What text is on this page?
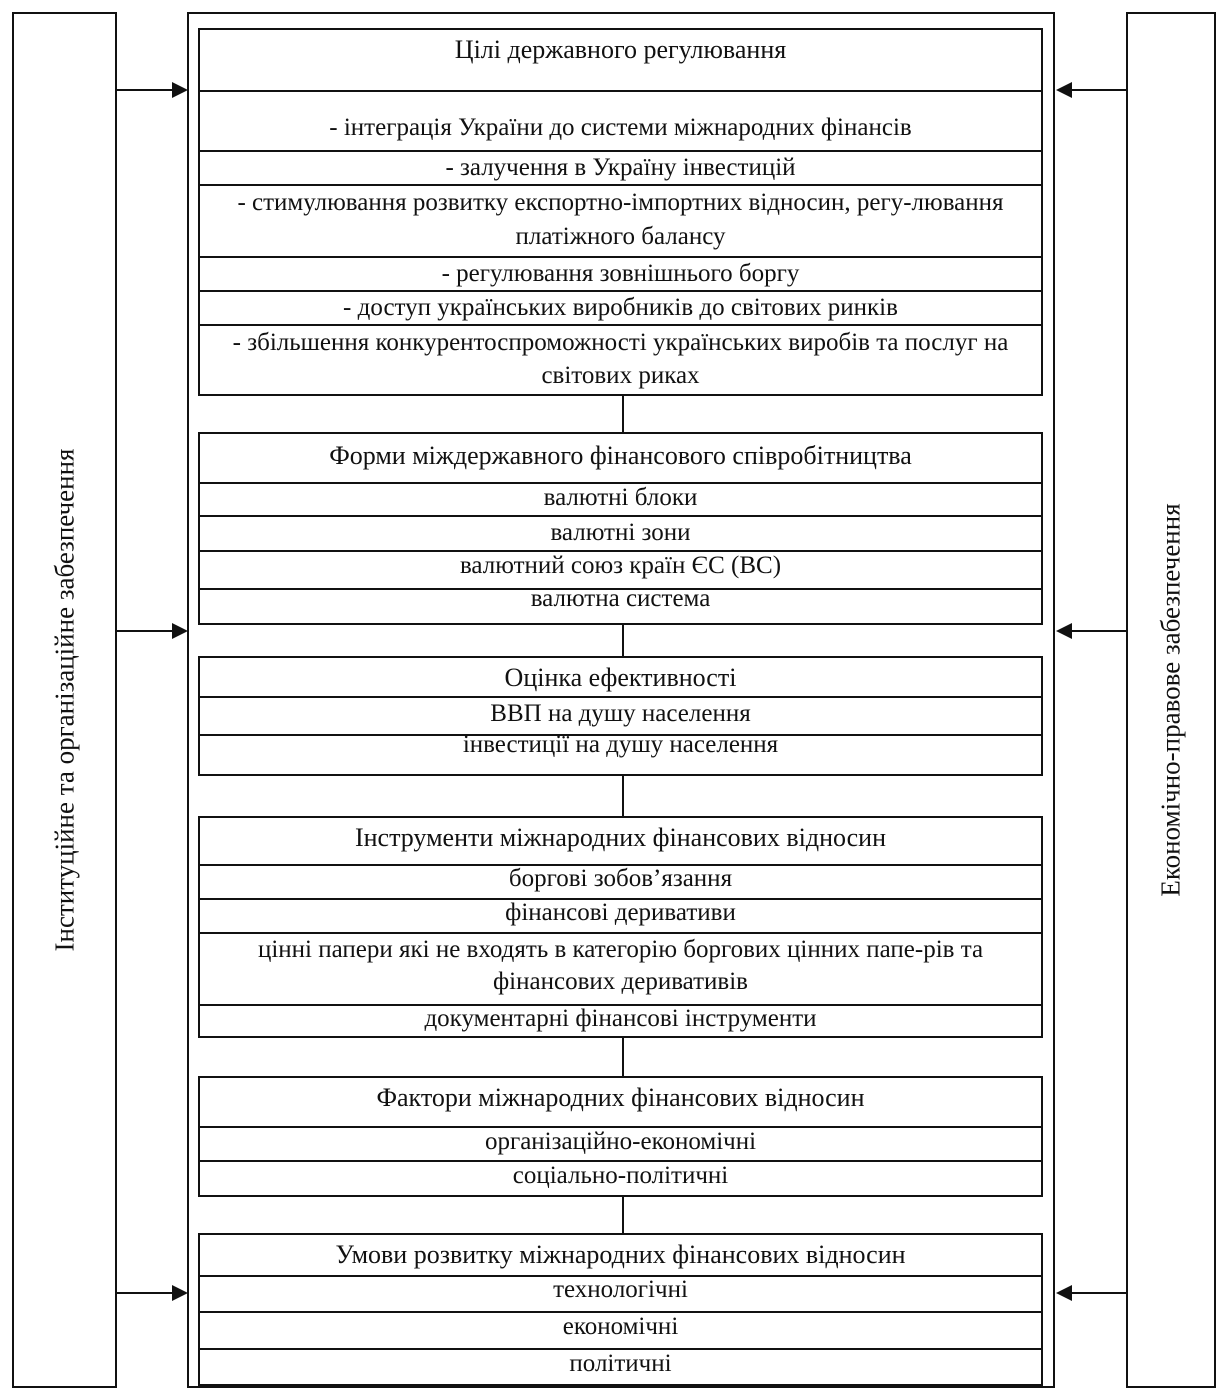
Інституційне та організаційне забезпечення	Економічно-правове забезпечення
Цілі державного регулювання
- інтеграція України до системи міжнародних фінансів
- залучення в Україну інвестицій
- стимулювання розвитку експортно-імпортних відносин, регу-лювання платіжного балансу
- регулювання зовнішнього боргу
- доступ українських виробників до світових ринків
- збільшення конкурентоспроможності українських виробів та послуг на світових риках
Форми міждержавного фінансового співробітництва
валютні блоки
валютні зони
валютний союз країн ЄС (ВС)
валютна система
Оцінка ефективності
ВВП на душу населення
інвестиції на душу населення
Інструменти міжнародних фінансових відносин
боргові зобов’язання
фінансові деривативи
цінні папери які не входять в категорію боргових цінних папе-рів та фінансових деривативів
документарні фінансові інструменти
Фактори міжнародних фінансових відносин
організаційно-економічні
соціально-політичні
Умови розвитку міжнародних фінансових відносин
технологічні
економічні
політичні
